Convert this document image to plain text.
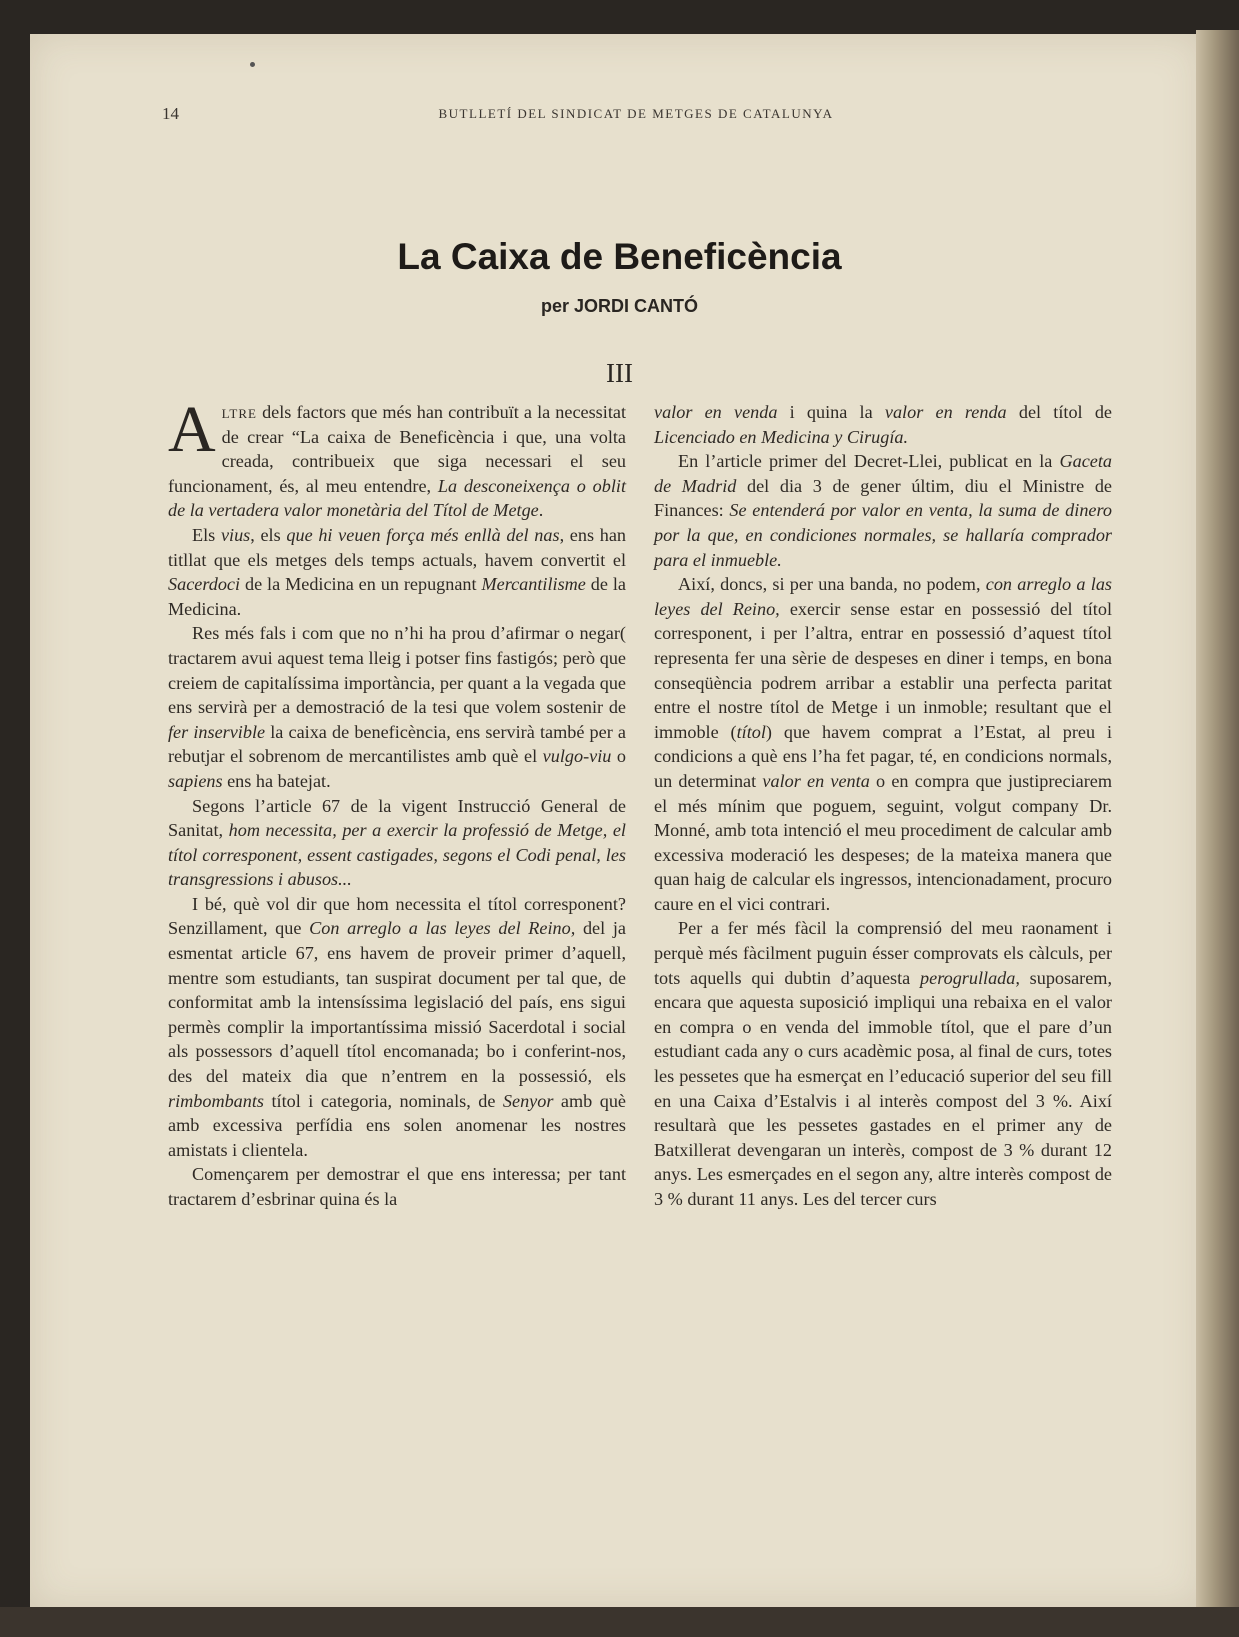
14	BUTLLETÍ DEL SINDICAT DE METGES DE CATALUNYA
La Caixa de Beneficència
per JORDI CANTÓ
III

Altre dels factors que més han contribuït a la necessitat de crear “La caixa de Beneficència i que, una volta creada, contribueix que siga necessari el seu funcionament, és, al meu entendre, La desconeixença o oblit de la vertadera valor monetària del Títol de Metge.

Els vius, els que hi veuen força més enllà del nas, ens han titllat que els metges dels temps actuals, havem convertit el Sacerdoci de la Medicina en un repugnant Mercantilisme de la Medicina.

Res més fals i com que no n’hi ha prou d’afirmar o negar( tractarem avui aquest tema lleig i potser fins fastigós; però que creiem de capitalíssima importància, per quant a la vegada que ens servirà per a demostració de la tesi que volem sostenir de fer inservible la caixa de beneficència, ens servirà també per a rebutjar el sobrenom de mercantilistes amb què el vulgo-viu o sapiens ens ha batejat.

Segons l’article 67 de la vigent Instrucció General de Sanitat, hom necessita, per a exercir la professió de Metge, el títol corresponent, essent castigades, segons el Codi penal, les transgressions i abusos...

I bé, què vol dir que hom necessita el títol corresponent? Senzillament, que Con arreglo a las leyes del Reino, del ja esmentat article 67, ens havem de proveir primer d’aquell, mentre som estudiants, tan suspirat document per tal que, de conformitat amb la intensíssima legislació del país, ens sigui permès complir la importantíssima missió Sacerdotal i social als possessors d’aquell títol encomanada; bo i conferint-nos, des del mateix dia que n’entrem en la possessió, els rimbombants títol i categoria, nominals, de Senyor amb què amb excessiva perfídia ens solen anomenar les nostres amistats i clientela.

Començarem per demostrar el que ens interessa; per tant tractarem d’esbrinar quina és la

valor en venda i quina la valor en renda del títol de Licenciado en Medicina y Cirugía.

En l’article primer del Decret-Llei, publicat en la Gaceta de Madrid del dia 3 de gener últim, diu el Ministre de Finances: Se entenderá por valor en venta, la suma de dinero por la que, en condiciones normales, se hallaría comprador para el inmueble.

Així, doncs, si per una banda, no podem, con arreglo a las leyes del Reino, exercir sense estar en possessió del títol corresponent, i per l’altra, entrar en possessió d’aquest títol representa fer una sèrie de despeses en diner i temps, en bona conseqüència podrem arribar a establir una perfecta paritat entre el nostre títol de Metge i un inmoble; resultant que el immoble (títol) que havem comprat a l’Estat, al preu i condicions a què ens l’ha fet pagar, té, en condicions normals, un determinat valor en venta o en compra que justipreciarem el més mínim que poguem, seguint, volgut company Dr. Monné, amb tota intenció el meu procediment de calcular amb excessiva moderació les despeses; de la mateixa manera que quan haig de calcular els ingressos, intencionadament, procuro caure en el vici contrari.

Per a fer més fàcil la comprensió del meu raonament i perquè més fàcilment puguin ésser comprovats els càlculs, per tots aquells qui dubtin d’aquesta perogrullada, suposarem, encara que aquesta suposició impliqui una rebaixa en el valor en compra o en venda del immoble títol, que el pare d’un estudiant cada any o curs acadèmic posa, al final de curs, totes les pessetes que ha esmerçat en l’educació superior del seu fill en una Caixa d’Estalvis i al interès compost del 3 %. Així resultarà que les pessetes gastades en el primer any de Batxillerat devengaran un interès, compost de 3 % durant 12 anys. Les esmerçades en el segon any, altre interès compost de 3 % durant 11 anys. Les del tercer curs
